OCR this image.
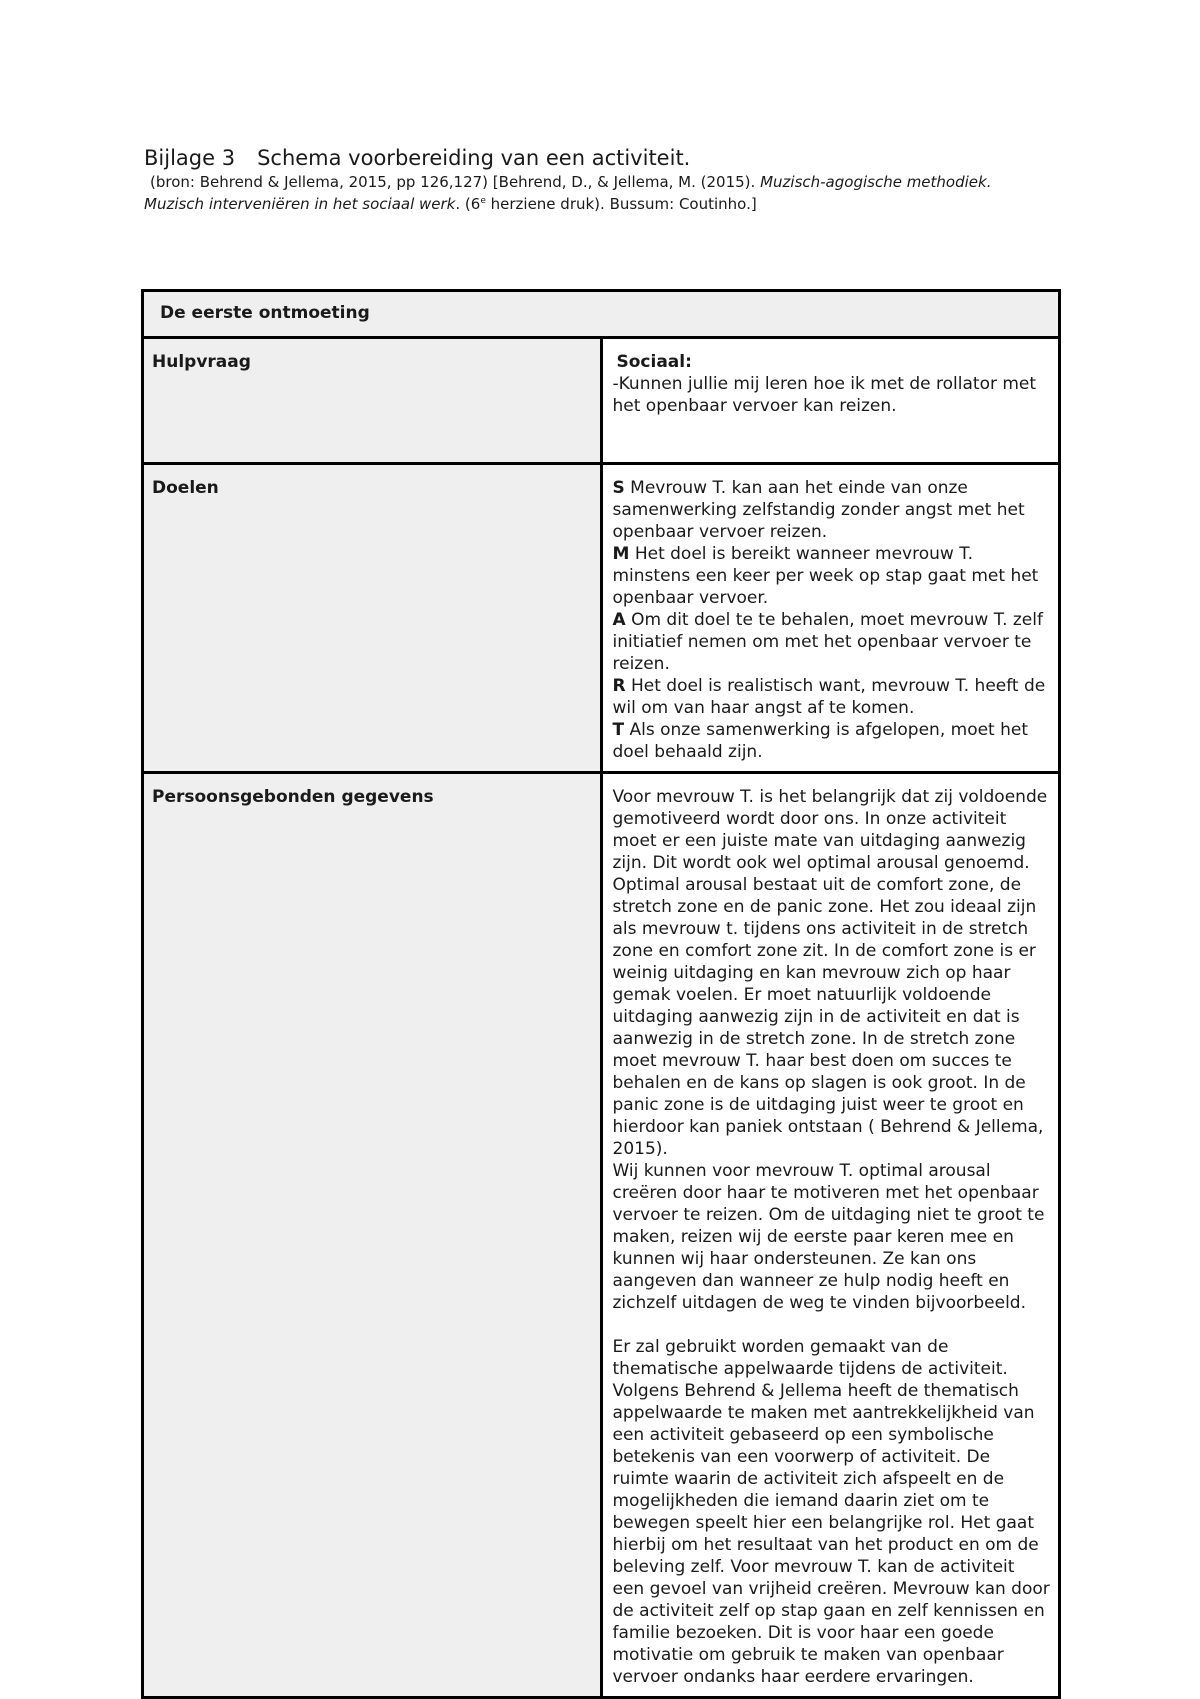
Bijlage 3 Schema voorbereiding van een activiteit.
(bron: Behrend & Jellema, 2015, pp 126,127) [Behrend, D., & Jellema, M. (2015). Muzisch-agogische methodiek. Muzisch interveniëren in het sociaal werk. (6e herziene druk). Bussum: Coutinho.]
De eerste ontmoeting	
Hulpvraag	Sociaal:
-Kunnen jullie mij leren hoe ik met de rollator met het openbaar vervoer kan reizen.

Doelen	S Mevrouw T. kan aan het einde van onze samenwerking zelfstandig zonder angst met het openbaar vervoer reizen.
M Het doel is bereikt wanneer mevrouw T. minstens een keer per week op stap gaat met het openbaar vervoer.
A Om dit doel te te behalen, moet mevrouw T. zelf initiatief nemen om met het openbaar vervoer te reizen.
R Het doel is realistisch want, mevrouw T. heeft de wil om van haar angst af te komen.
T Als onze samenwerking is afgelopen, moet het doel behaald zijn.

Persoonsgebonden gegevens	Voor mevrouw T. is het belangrijk dat zij voldoende gemotiveerd wordt door ons. In onze activiteit moet er een juiste mate van uitdaging aanwezig zijn. Dit wordt ook wel optimal arousal genoemd. Optimal arousal bestaat uit de comfort zone, de stretch zone en de panic zone. Het zou ideaal zijn als mevrouw t. tijdens ons activiteit in de stretch zone en comfort zone zit. In de comfort zone is er weinig uitdaging en kan mevrouw zich op haar gemak voelen. Er moet natuurlijk voldoende uitdaging aanwezig zijn in de activiteit en dat is aanwezig in de stretch zone. In de stretch zone moet mevrouw T. haar best doen om succes te behalen en de kans op slagen is ook groot. In de panic zone is de uitdaging juist weer te groot en hierdoor kan paniek ontstaan ( Behrend & Jellema, 2015).
Wij kunnen voor mevrouw T. optimal arousal creëren door haar te motiveren met het openbaar vervoer te reizen. Om de uitdaging niet te groot te maken, reizen wij de eerste paar keren mee en kunnen wij haar ondersteunen. Ze kan ons aangeven dan wanneer ze hulp nodig heeft en zichzelf uitdagen de weg te vinden bijvoorbeeld.
Er zal gebruikt worden gemaakt van de thematische appelwaarde tijdens de activiteit. Volgens Behrend & Jellema heeft de thematisch appelwaarde te maken met aantrekkelijkheid van een activiteit gebaseerd op een symbolische betekenis van een voorwerp of activiteit. De ruimte waarin de activiteit zich afspeelt en de mogelijkheden die iemand daarin ziet om te bewegen speelt hier een belangrijke rol. Het gaat hierbij om het resultaat van het product en om de beleving zelf. Voor mevrouw T. kan de activiteit een gevoel van vrijheid creëren. Mevrouw kan door de activiteit zelf op stap gaan en zelf kennissen en familie bezoeken. Dit is voor haar een goede motivatie om gebruik te maken van openbaar vervoer ondanks haar eerdere ervaringen.
